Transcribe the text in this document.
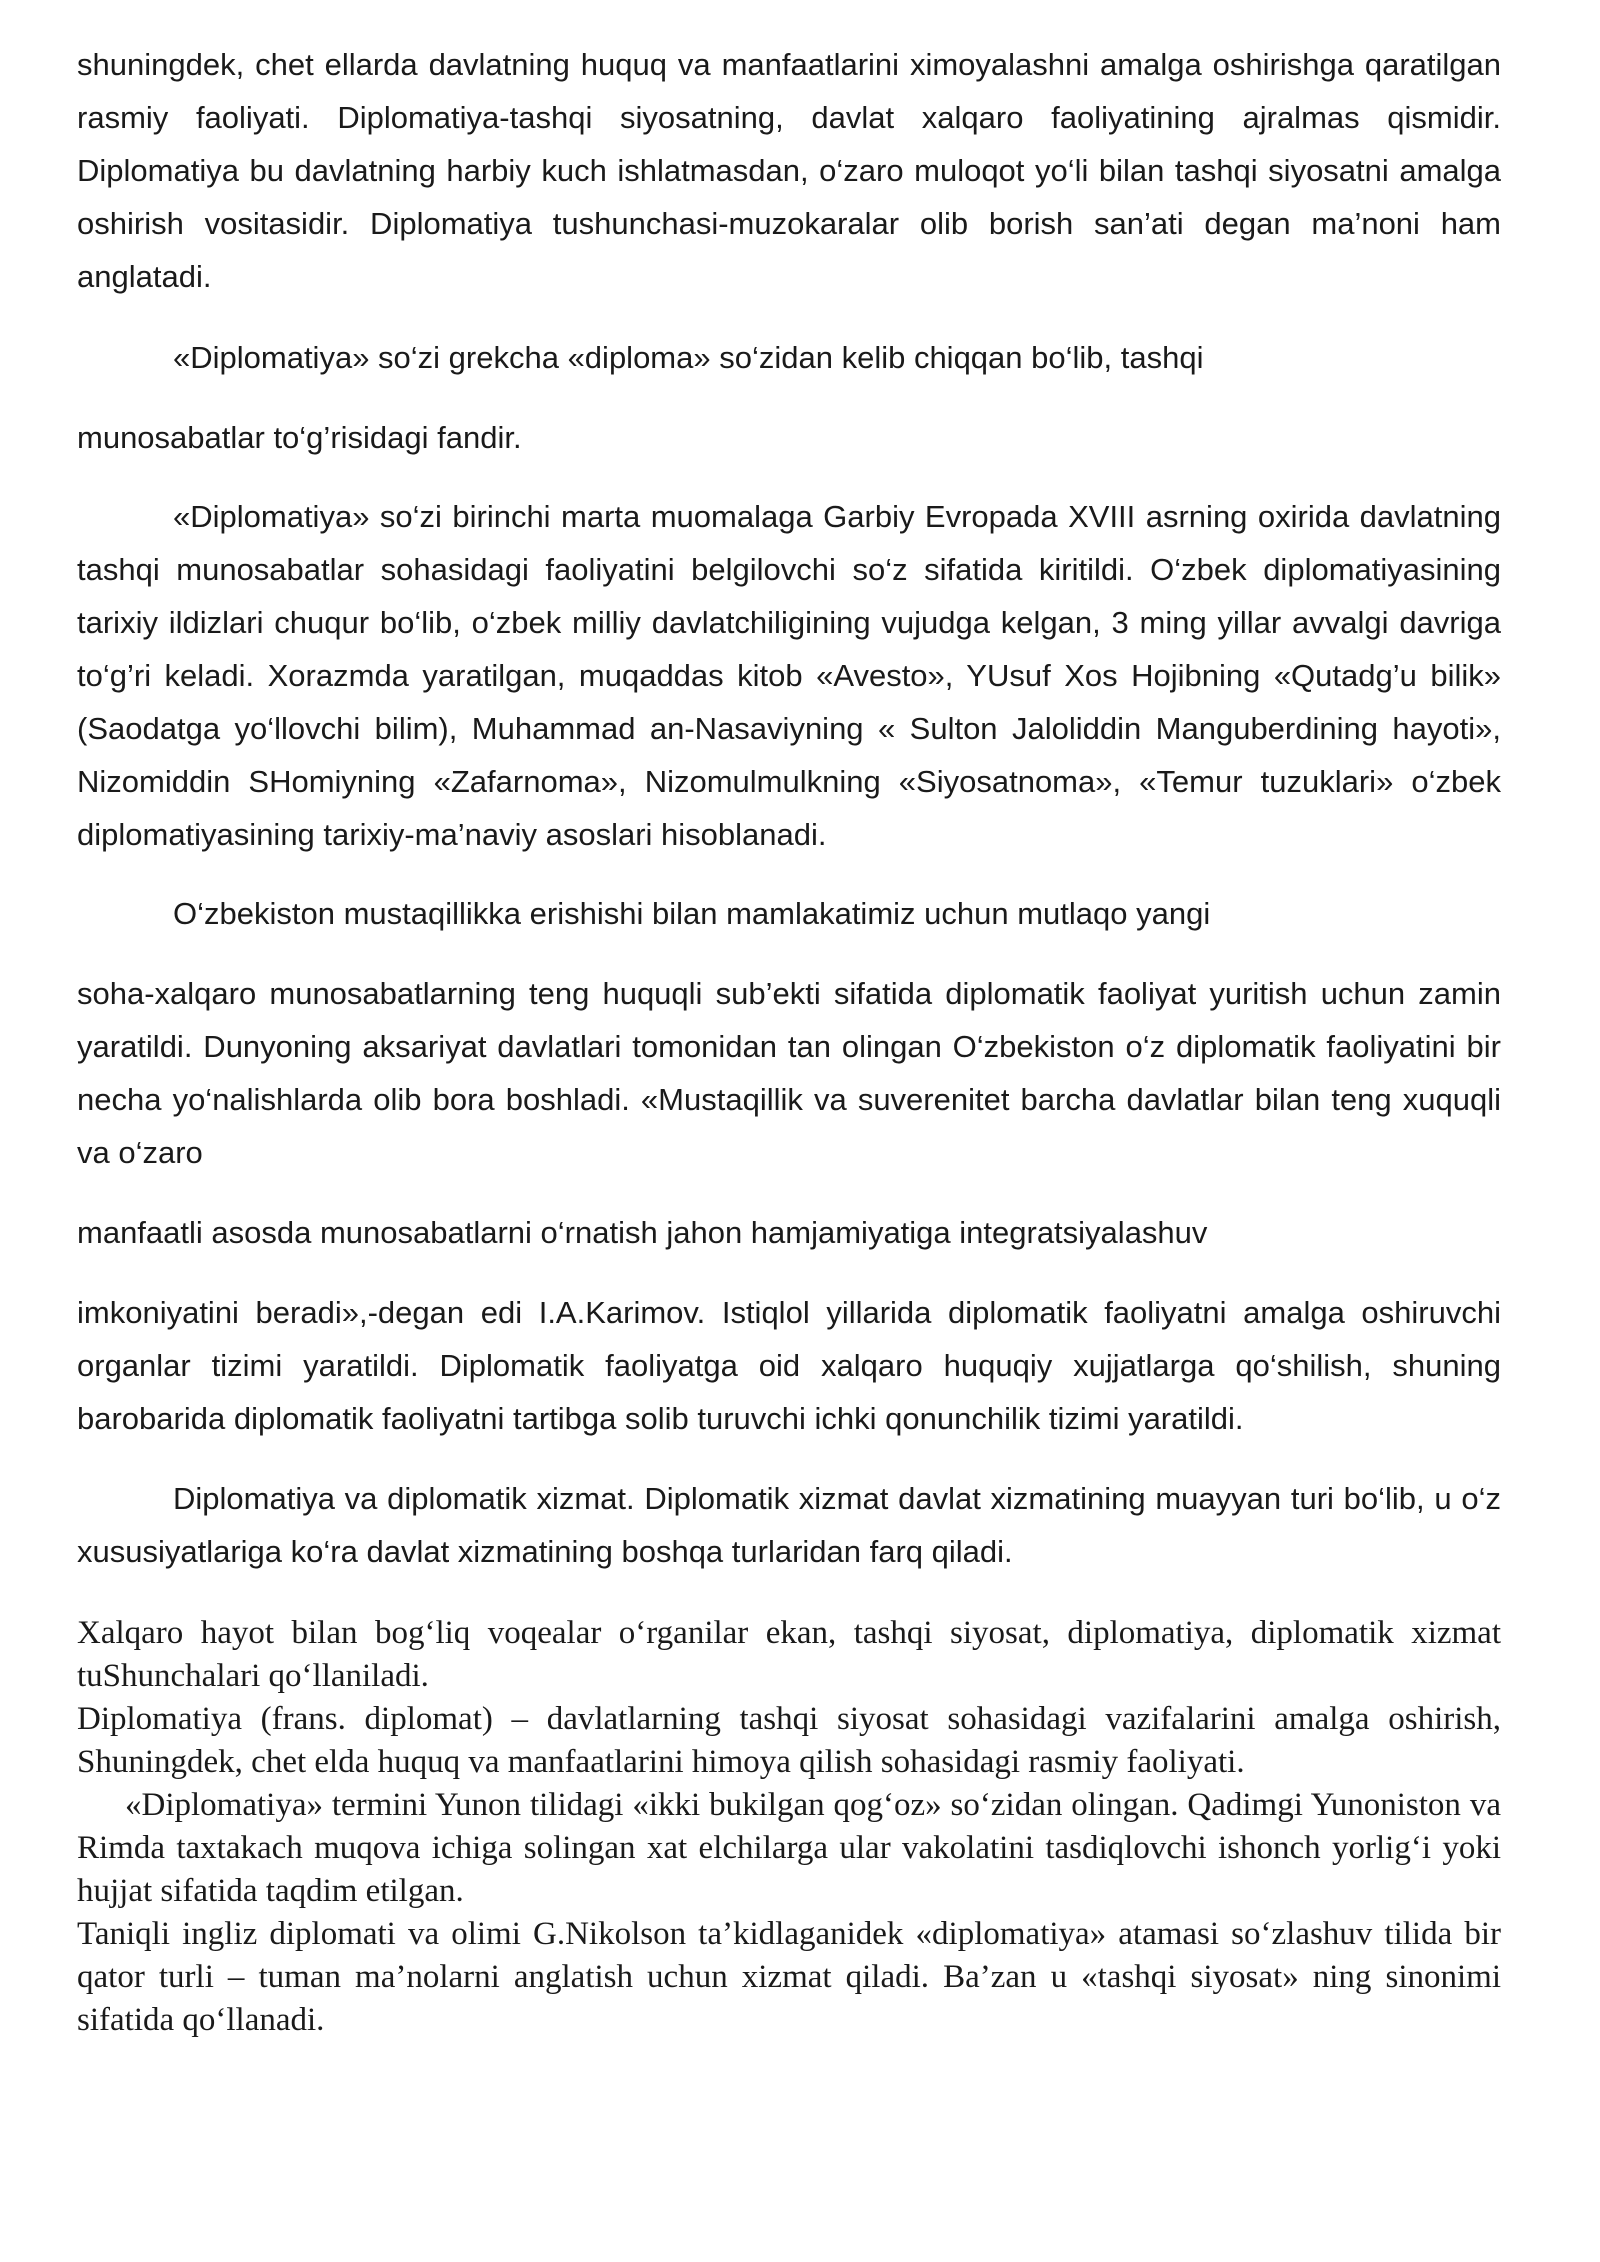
shuningdek, chet ellarda davlatning huquq va manfaatlarini ximoyalashni amalga oshirishga qaratilgan rasmiy faoliyati. Diplomatiya-tashqi siyosatning, davlat xalqaro faoliyatining ajralmas qismidir. Diplomatiya bu davlatning harbiy kuch ishlatmasdan, o‘zaro muloqot yo‘li bilan tashqi siyosatni amalga oshirish vositasidir. Diplomatiya tushunchasi-muzokaralar olib borish san’ati degan ma’noni ham anglatadi.

«Diplomatiya» so‘zi grekcha «diploma» so‘zidan kelib chiqqan bo‘lib, tashqi

munosabatlar to‘g’risidagi fandir.

«Diplomatiya» so‘zi birinchi marta muomalaga Garbiy Evropada XVIII asrning oxirida davlatning tashqi munosabatlar sohasidagi faoliyatini belgilovchi so‘z sifatida kiritildi. O‘zbek diplomatiyasining tarixiy ildizlari chuqur bo‘lib, o‘zbek milliy davlatchiligining vujudga kelgan, 3 ming yillar avvalgi davriga to‘g’ri keladi. Xorazmda yaratilgan, muqaddas kitob «Avesto», YUsuf Xos Hojibning «Qutadg’u bilik» (Saodatga yo‘llovchi bilim), Muhammad an-Nasaviyning « Sulton Jaloliddin Manguberdining hayoti», Nizomiddin SHomiyning «Zafarnoma», Nizomulmulkning «Siyosatnoma», «Temur tuzuklari» o‘zbek diplomatiyasining tarixiy-ma’naviy asoslari hisoblanadi.

O‘zbekiston mustaqillikka erishishi bilan mamlakatimiz uchun mutlaqo yangi

soha-xalqaro munosabatlarning teng huquqli sub’ekti sifatida diplomatik faoliyat yuritish uchun zamin yaratildi. Dunyoning aksariyat davlatlari tomonidan tan olingan O‘zbekiston o‘z diplomatik faoliyatini bir necha yo‘nalishlarda olib bora boshladi. «Mustaqillik va suverenitet barcha davlatlar bilan teng xuquqli va o‘zaro

manfaatli asosda munosabatlarni o‘rnatish jahon hamjamiyatiga integratsiyalashuv

imkoniyatini beradi»,-degan edi I.A.Karimov. Istiqlol yillarida diplomatik faoliyatni amalga oshiruvchi organlar tizimi yaratildi. Diplomatik faoliyatga oid xalqaro huquqiy xujjatlarga qo‘shilish, shuning barobarida diplomatik faoliyatni tartibga solib turuvchi ichki qonunchilik tizimi yaratildi.

Diplomatiya va diplomatik xizmat. Diplomatik xizmat davlat xizmatining muayyan turi bo‘lib, u o‘z xususiyatlariga ko‘ra davlat xizmatining boshqa turlaridan farq qiladi.

Xalqaro hayot bilan bog‘liq voqealar o‘rganilar ekan, tashqi siyosat, diplomatiya, diplomatik xizmat tuShunchalari qo‘llaniladi.

Diplomatiya (frans. diplomat) – davlatlarning tashqi siyosat sohasidagi vazifalarini amalga oshirish, Shuningdek, chet elda huquq va manfaatlarini himoya qilish sohasidagi rasmiy faoliyati.

«Diplomatiya» termini Yunon tilidagi «ikki bukilgan qog‘oz» so‘zidan olingan. Qadimgi Yunoniston va Rimda taxtakach muqova ichiga solingan xat elchilarga ular vakolatini tasdiqlovchi ishonch yorlig‘i yoki hujjat sifatida taqdim etilgan.

Taniqli ingliz diplomati va olimi G.Nikolson ta’kidlaganidek «diplomatiya» atamasi so‘zlashuv tilida bir qator turli – tuman ma’nolarni anglatish uchun xizmat qiladi. Ba’zan u «tashqi siyosat» ning sinonimi sifatida qo‘llanadi.
